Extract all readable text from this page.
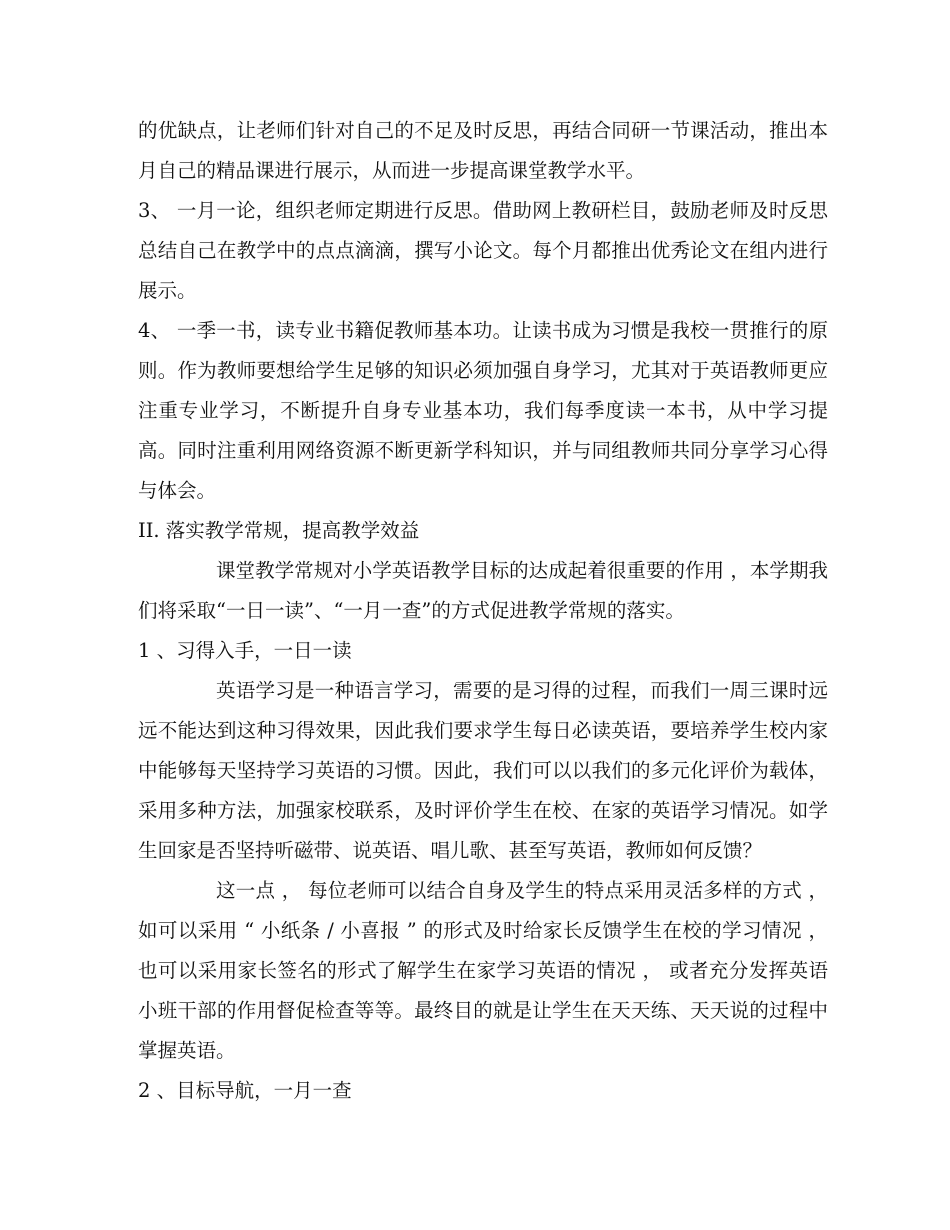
的优缺点，让老师们针对自己的不足及时反思，再结合同研一节课活动，推出本月自己的精品课进行展示，从而进一步提高课堂教学水平。

3、 一月一论，组织老师定期进行反思。借助网上教研栏目，鼓励老师及时反思总结自己在教学中的点点滴滴，撰写小论文。每个月都推出优秀论文在组内进行展示。

4、 一季一书，读专业书籍促教师基本功。让读书成为习惯是我校一贯推行的原则。作为教师要想给学生足够的知识必须加强自身学习，尤其对于英语教师更应注重专业学习，不断提升自身专业基本功，我们每季度读一本书，从中学习提高。同时注重利用网络资源不断更新学科知识，并与同组教师共同分享学习心得与体会。

II. 落实教学常规，提高教学效益

课堂教学常规对小学英语教学目标的达成起着很重要的作用 ，本学期我们将采取“一日一读”、“一月一查”的方式促进教学常规的落实。

1 、习得入手，一日一读

英语学习是一种语言学习，需要的是习得的过程，而我们一周三课时远远不能达到这种习得效果，因此我们要求学生每日必读英语，要培养学生校内家中能够每天坚持学习英语的习惯。因此，我们可以以我们的多元化评价为载体，采用多种方法，加强家校联系，及时评价学生在校、在家的英语学习情况。如学生回家是否坚持听磁带、说英语、唱儿歌、甚至写英语，教师如何反馈？

这一点 ， 每位老师可以结合自身及学生的特点采用灵活多样的方式 ， 如可以采用 “ 小纸条 / 小喜报 ” 的形式及时给家长反馈学生在校的学习情况 ， 也可以采用家长签名的形式了解学生在家学习英语的情况 ， 或者充分发挥英语小班干部的作用督促检查等等。最终目的就是让学生在天天练、天天说的过程中掌握英语。

2 、目标导航，一月一查
